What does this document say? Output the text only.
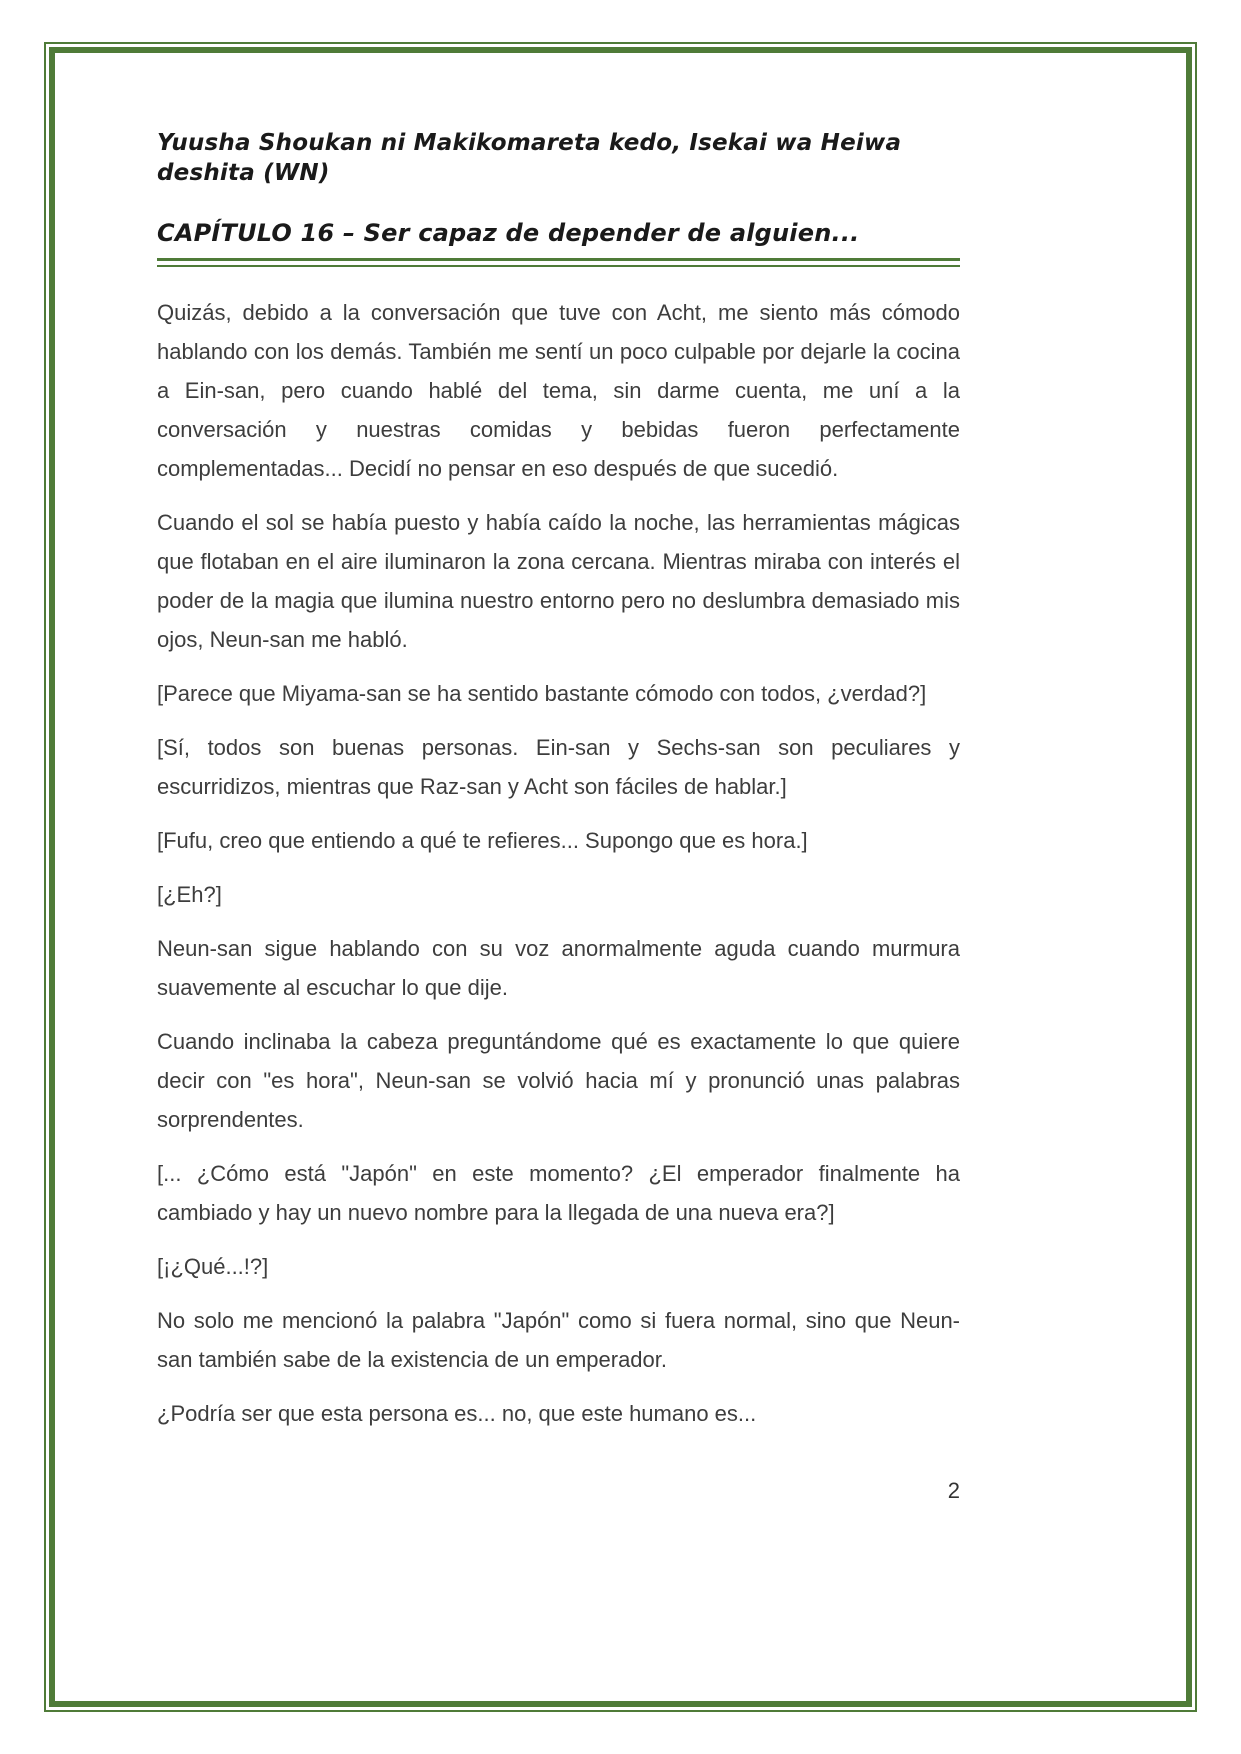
Yuusha Shoukan ni Makikomareta kedo, Isekai wa Heiwa deshita (WN)
CAPÍTULO 16 – Ser capaz de depender de alguien...

Quizás, debido a la conversación que tuve con Acht, me siento más cómodo hablando con los demás. También me sentí un poco culpable por dejarle la cocina a Ein-san, pero cuando hablé del tema, sin darme cuenta, me uní a la conversación y nuestras comidas y bebidas fueron perfectamente complementadas... Decidí no pensar en eso después de que sucedió.

Cuando el sol se había puesto y había caído la noche, las herramientas mágicas que flotaban en el aire iluminaron la zona cercana. Mientras miraba con interés el poder de la magia que ilumina nuestro entorno pero no deslumbra demasiado mis ojos, Neun-san me habló.

[Parece que Miyama-san se ha sentido bastante cómodo con todos, ¿verdad?]

[Sí, todos son buenas personas. Ein-san y Sechs-san son peculiares y escurridizos, mientras que Raz-san y Acht son fáciles de hablar.]

[Fufu, creo que entiendo a qué te refieres... Supongo que es hora.]

[¿Eh?]

Neun-san sigue hablando con su voz anormalmente aguda cuando murmura suavemente al escuchar lo que dije.

Cuando inclinaba la cabeza preguntándome qué es exactamente lo que quiere decir con "es hora", Neun-san se volvió hacia mí y pronunció unas palabras sorprendentes.

[... ¿Cómo está "Japón" en este momento? ¿El emperador finalmente ha cambiado y hay un nuevo nombre para la llegada de una nueva era?]

[¡¿Qué...!?]

No solo me mencionó la palabra "Japón" como si fuera normal, sino que Neun-san también sabe de la existencia de un emperador.

¿Podría ser que esta persona es... no, que este humano es...

2
